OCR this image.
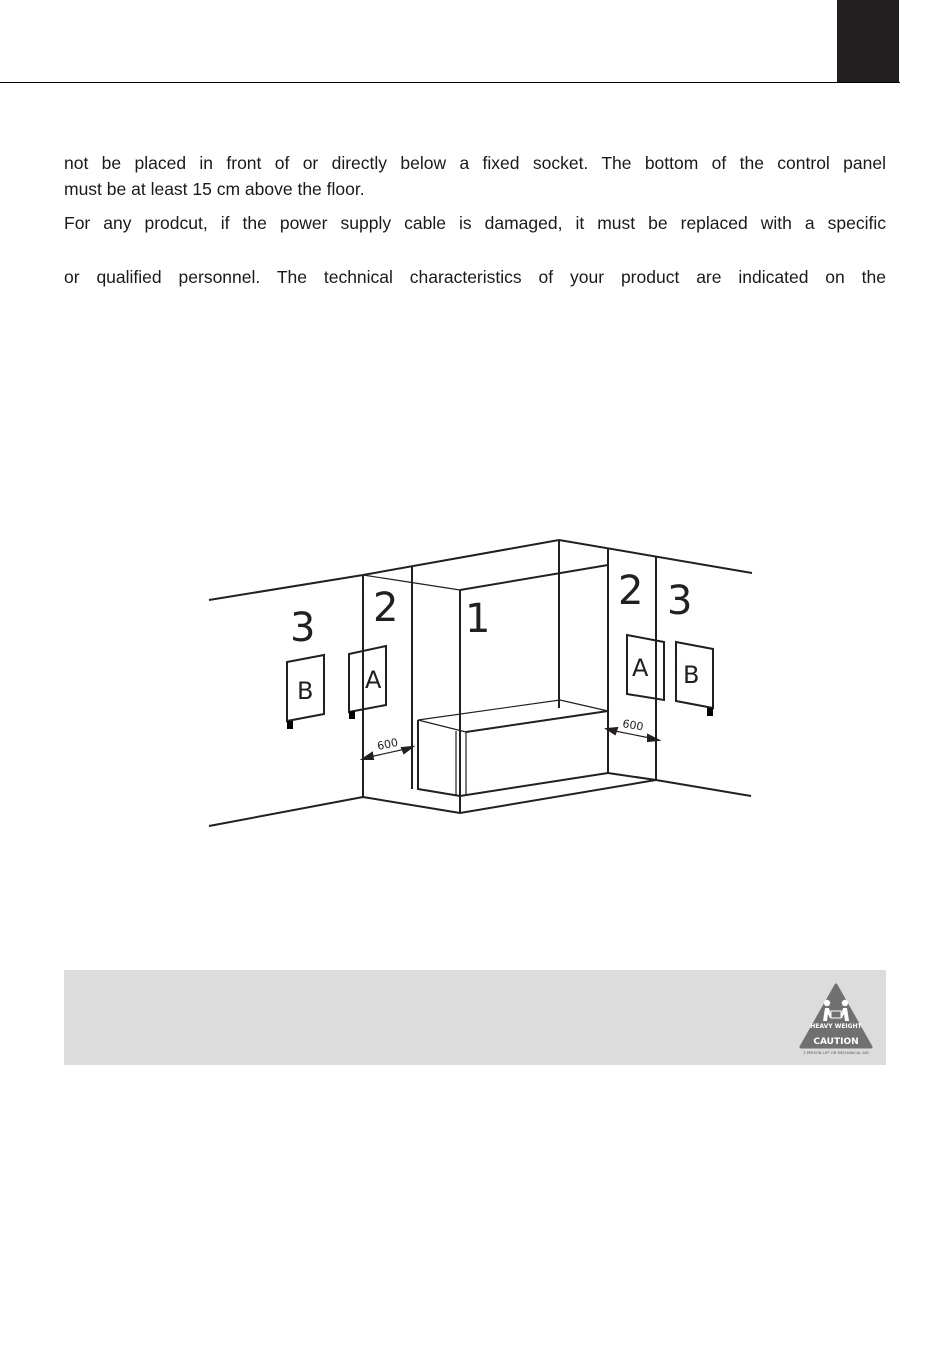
not be placed in front of or directly below a fixed socket. The bottom of the control panel
must be at least 15 cm above the floor.
For any prodcut, if the power supply cable is damaged, it must be replaced with a specific
or qualified personnel. The technical characteristics of your product are indicated on the
3 2 1
2 3
B A	A B
600
600
HEAVY WEIGHT
CAUTION
2 PERSON LIFT OR MECHANICAL AID
